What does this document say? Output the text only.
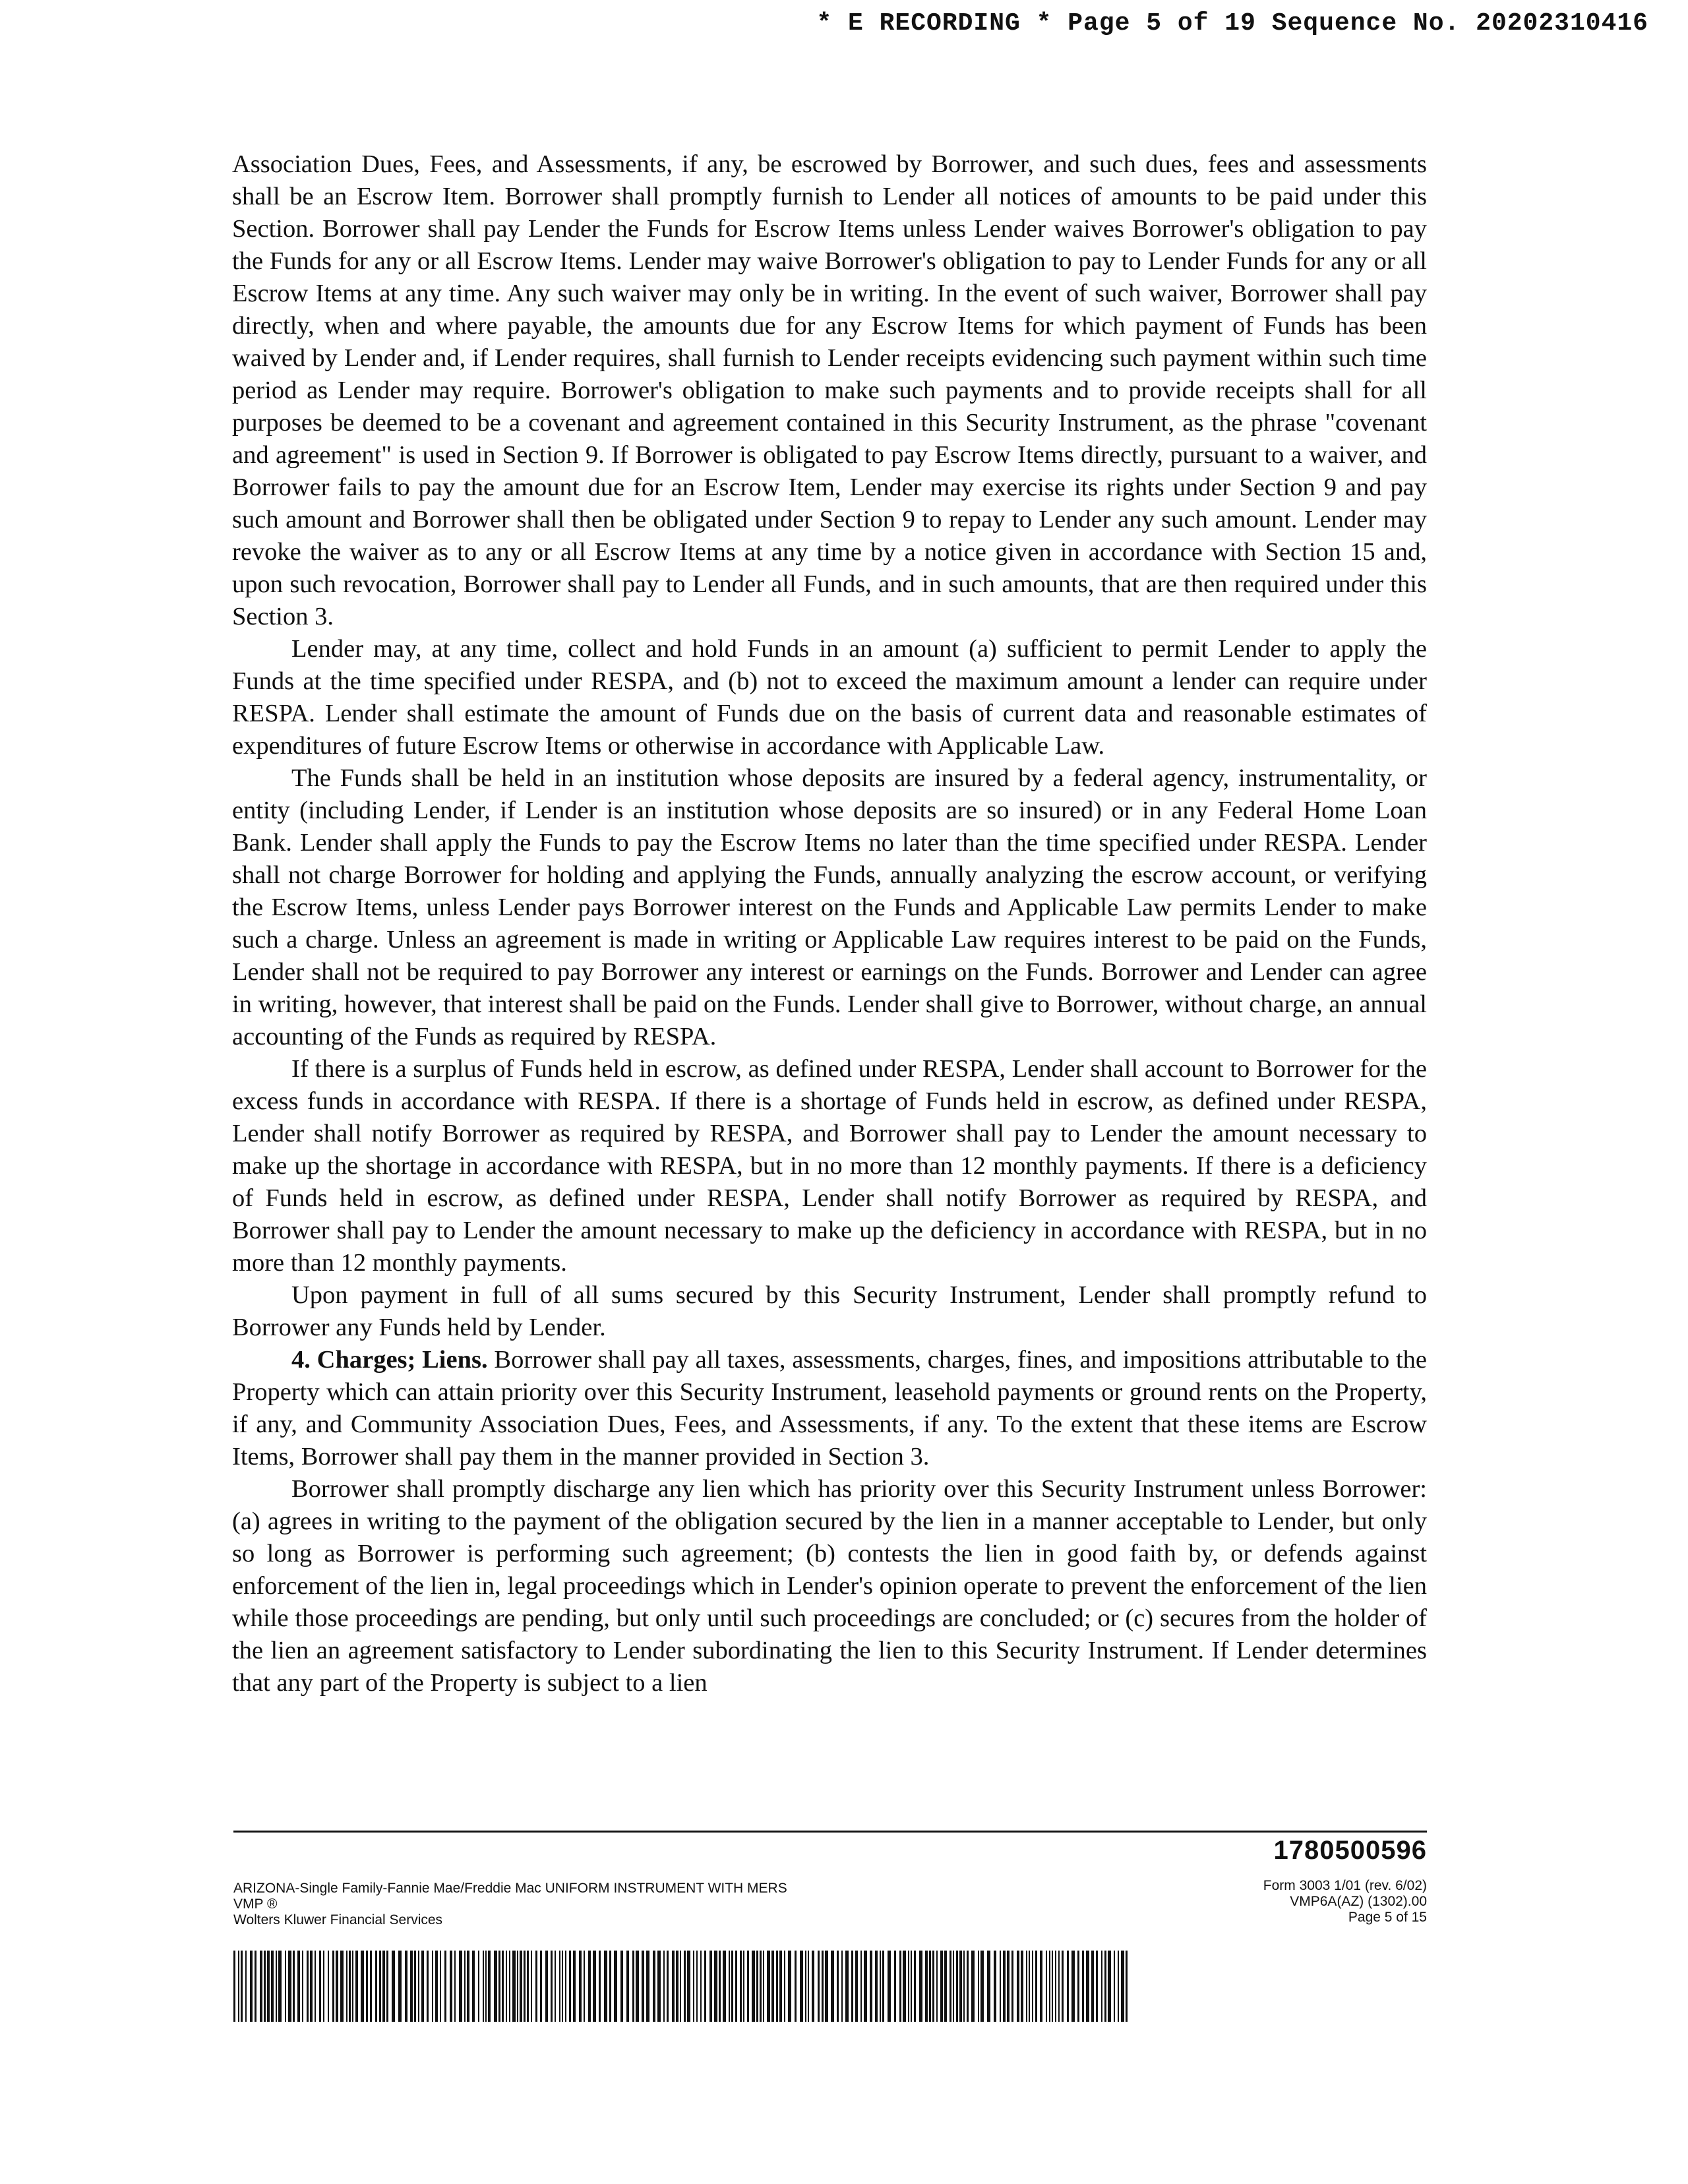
* E RECORDING * Page 5 of 19 Sequence No. 20202310416

Association Dues, Fees, and Assessments, if any, be escrowed by Borrower, and such dues, fees and assessments shall be an Escrow Item. Borrower shall promptly furnish to Lender all notices of amounts to be paid under this Section. Borrower shall pay Lender the Funds for Escrow Items unless Lender waives Borrower's obligation to pay the Funds for any or all Escrow Items. Lender may waive Borrower's obligation to pay to Lender Funds for any or all Escrow Items at any time. Any such waiver may only be in writing. In the event of such waiver, Borrower shall pay directly, when and where payable, the amounts due for any Escrow Items for which payment of Funds has been waived by Lender and, if Lender requires, shall furnish to Lender receipts evidencing such payment within such time period as Lender may require. Borrower's obligation to make such payments and to provide receipts shall for all purposes be deemed to be a covenant and agreement contained in this Security Instrument, as the phrase "covenant and agreement" is used in Section 9. If Borrower is obligated to pay Escrow Items directly, pursuant to a waiver, and Borrower fails to pay the amount due for an Escrow Item, Lender may exercise its rights under Section 9 and pay such amount and Borrower shall then be obligated under Section 9 to repay to Lender any such amount. Lender may revoke the waiver as to any or all Escrow Items at any time by a notice given in accordance with Section 15 and, upon such revocation, Borrower shall pay to Lender all Funds, and in such amounts, that are then required under this Section 3.

Lender may, at any time, collect and hold Funds in an amount (a) sufficient to permit Lender to apply the Funds at the time specified under RESPA, and (b) not to exceed the maximum amount a lender can require under RESPA. Lender shall estimate the amount of Funds due on the basis of current data and reasonable estimates of expenditures of future Escrow Items or otherwise in accordance with Applicable Law.

The Funds shall be held in an institution whose deposits are insured by a federal agency, instrumentality, or entity (including Lender, if Lender is an institution whose deposits are so insured) or in any Federal Home Loan Bank. Lender shall apply the Funds to pay the Escrow Items no later than the time specified under RESPA. Lender shall not charge Borrower for holding and applying the Funds, annually analyzing the escrow account, or verifying the Escrow Items, unless Lender pays Borrower interest on the Funds and Applicable Law permits Lender to make such a charge. Unless an agreement is made in writing or Applicable Law requires interest to be paid on the Funds, Lender shall not be required to pay Borrower any interest or earnings on the Funds. Borrower and Lender can agree in writing, however, that interest shall be paid on the Funds. Lender shall give to Borrower, without charge, an annual accounting of the Funds as required by RESPA.

If there is a surplus of Funds held in escrow, as defined under RESPA, Lender shall account to Borrower for the excess funds in accordance with RESPA. If there is a shortage of Funds held in escrow, as defined under RESPA, Lender shall notify Borrower as required by RESPA, and Borrower shall pay to Lender the amount necessary to make up the shortage in accordance with RESPA, but in no more than 12 monthly payments. If there is a deficiency of Funds held in escrow, as defined under RESPA, Lender shall notify Borrower as required by RESPA, and Borrower shall pay to Lender the amount necessary to make up the deficiency in accordance with RESPA, but in no more than 12 monthly payments.

Upon payment in full of all sums secured by this Security Instrument, Lender shall promptly refund to Borrower any Funds held by Lender.

4. Charges; Liens. Borrower shall pay all taxes, assessments, charges, fines, and impositions attributable to the Property which can attain priority over this Security Instrument, leasehold payments or ground rents on the Property, if any, and Community Association Dues, Fees, and Assessments, if any. To the extent that these items are Escrow Items, Borrower shall pay them in the manner provided in Section 3.

Borrower shall promptly discharge any lien which has priority over this Security Instrument unless Borrower: (a) agrees in writing to the payment of the obligation secured by the lien in a manner acceptable to Lender, but only so long as Borrower is performing such agreement; (b) contests the lien in good faith by, or defends against enforcement of the lien in, legal proceedings which in Lender's opinion operate to prevent the enforcement of the lien while those proceedings are pending, but only until such proceedings are concluded; or (c) secures from the holder of the lien an agreement satisfactory to Lender subordinating the lien to this Security Instrument. If Lender determines that any part of the Property is subject to a lien

1780500596
ARIZONA-Single Family-Fannie Mae/Freddie Mac UNIFORM INSTRUMENT WITH MERS
VMP ®
Wolters Kluwer Financial Services
Form 3003 1/01 (rev. 6/02)
VMP6A(AZ) (1302).00
Page 5 of 15
